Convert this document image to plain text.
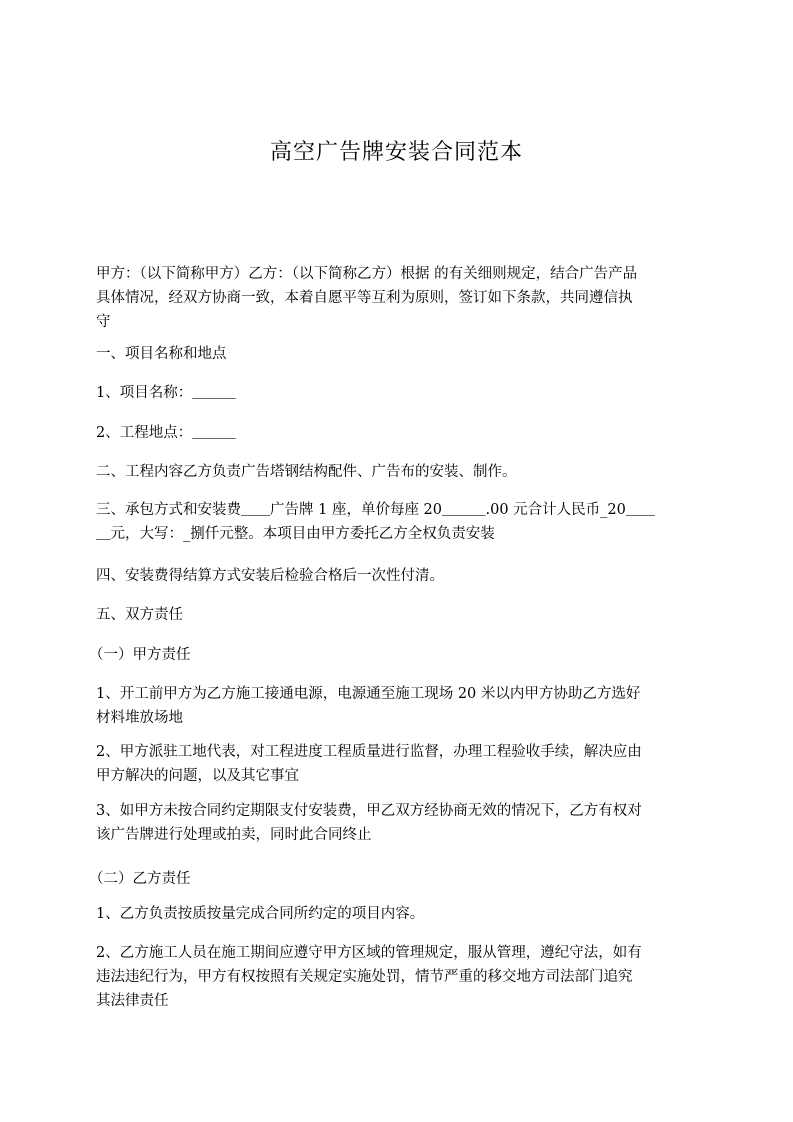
高空广告牌安装合同范本

甲方：（以下简称甲方）乙方：（以下简称乙方）根据 的有关细则规定，结合广告产品
具体情况，经双方协商一致，本着自愿平等互利为原则，签订如下条款，共同遵信执
守

一、项目名称和地点

1、项目名称：＿＿＿

2、工程地点：＿＿＿

二、工程内容乙方负责广告塔钢结构配件、广告布的安装、制作。

三、承包方式和安装费＿＿广告牌 1 座，单价每座 20＿＿＿.00 元合计人民币_20＿＿
＿元，大写：_捌仟元整。本项目由甲方委托乙方全权负责安装

四、安装费得结算方式安装后检验合格后一次性付清。

五、双方责任

（一）甲方责任

1、开工前甲方为乙方施工接通电源，电源通至施工现场 20 米以内甲方协助乙方选好
材料堆放场地

2、甲方派驻工地代表，对工程进度工程质量进行监督，办理工程验收手续，解决应由
甲方解决的问题，以及其它事宜

3、如甲方未按合同约定期限支付安装费，甲乙双方经协商无效的情况下，乙方有权对
该广告牌进行处理或拍卖，同时此合同终止

（二）乙方责任

1、乙方负责按质按量完成合同所约定的项目内容。

2、乙方施工人员在施工期间应遵守甲方区域的管理规定，服从管理，遵纪守法，如有
违法违纪行为，甲方有权按照有关规定实施处罚，情节严重的移交地方司法部门追究
其法律责任
